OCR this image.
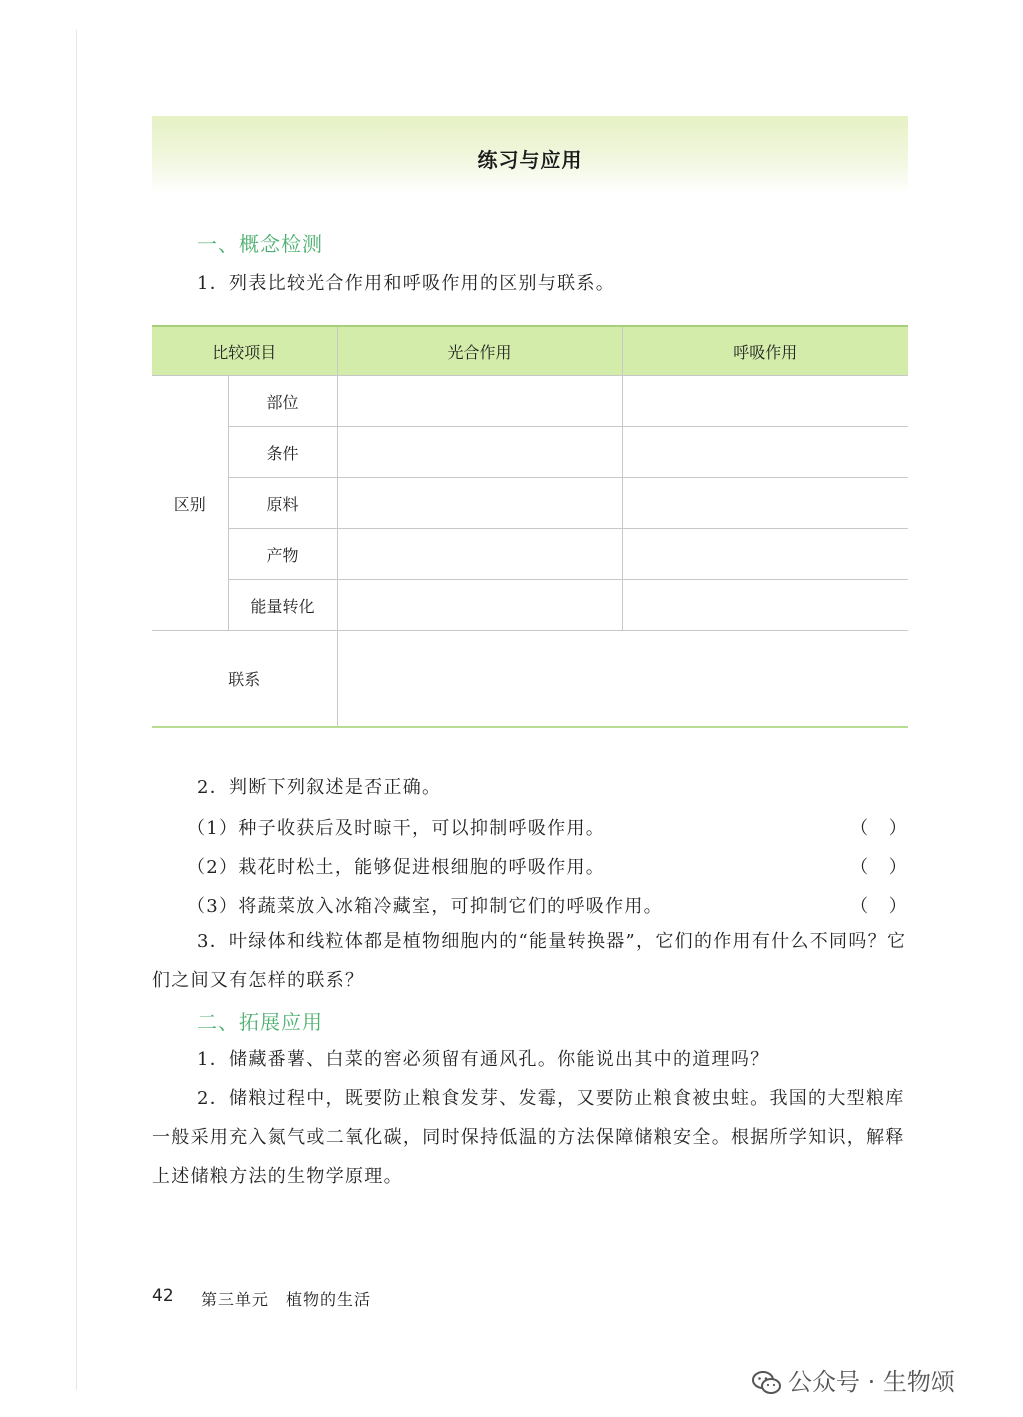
练习与应用
一、概念检测
1．列表比较光合作用和呼吸作用的区别与联系。
比较项目		光合作用	呼吸作用
区别	部位		
	条件		
	原料		
	产物		
	能量转化		
联系			
2．判断下列叙述是否正确。
（1）种子收获后及时晾干，可以抑制呼吸作用。	（　）
（2）栽花时松土，能够促进根细胞的呼吸作用。	（　）
（3）将蔬菜放入冰箱冷藏室，可抑制它们的呼吸作用。	（　）
3．叶绿体和线粒体都是植物细胞内的“能量转换器”，它们的作用有什么不同吗？它们之间又有怎样的联系？
二、拓展应用
1．储藏番薯、白菜的窖必须留有通风孔。你能说出其中的道理吗？
2．储粮过程中，既要防止粮食发芽、发霉，又要防止粮食被虫蛀。我国的大型粮库一般采用充入氮气或二氧化碳，同时保持低温的方法保障储粮安全。根据所学知识，解释上述储粮方法的生物学原理。
42 第三单元　植物的生活
公众号 · 生物颂
